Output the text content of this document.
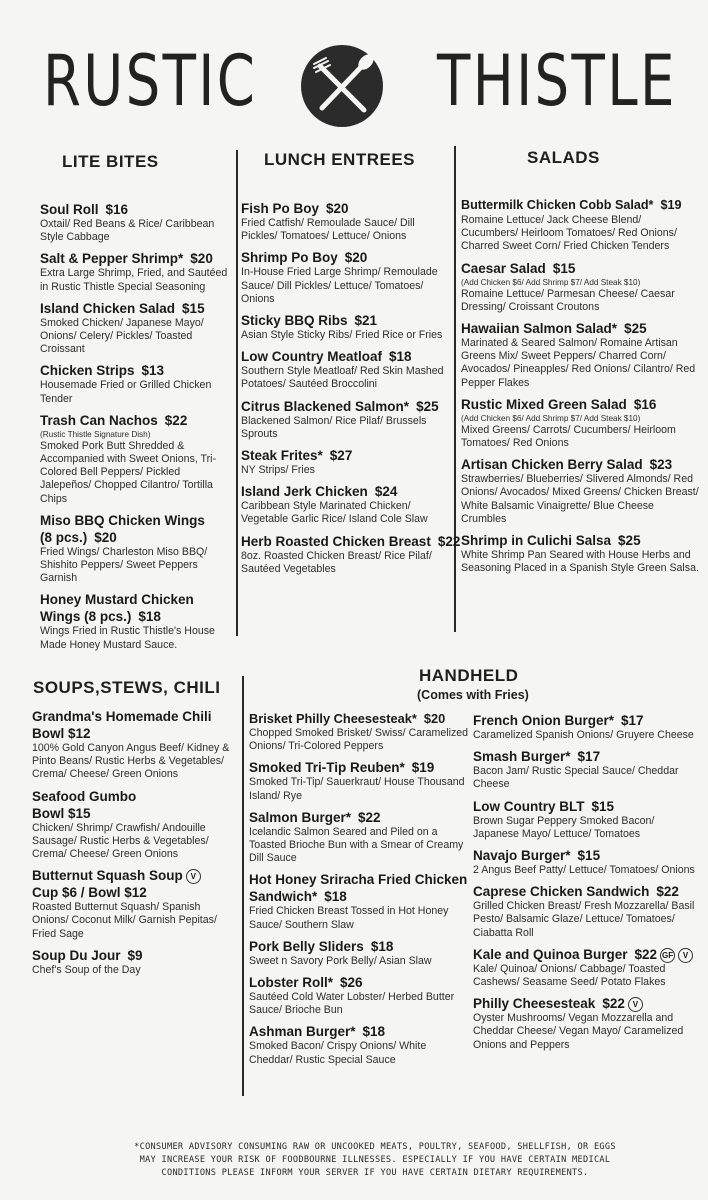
RUSTIC	THISTLE
LITE BITES	LUNCH ENTREES	SALADS
Soul Roll $16
Oxtail/ Red Beans & Rice/ Caribbean Style Cabbage
Salt & Pepper Shrimp* $20
Extra Large Shrimp, Fried, and Sautéed in Rustic Thistle Special Seasoning
Island Chicken Salad $15
Smoked Chicken/ Japanese Mayo/ Onions/ Celery/ Pickles/ Toasted Croissant
Chicken Strips $13
Housemade Fried or Grilled Chicken Tender
Trash Can Nachos $22
(Rustic Thistle Signature Dish)
Smoked Pork Butt Shredded & Accompanied with Sweet Onions, Tri-Colored Bell Peppers/ Pickled Jalepeños/ Chopped Cilantro/ Tortilla Chips
Miso BBQ Chicken Wings
(8 pcs.) $20
Fried Wings/ Charleston Miso BBQ/ Shishito Peppers/ Sweet Peppers Garnish
Honey Mustard Chicken
Wings (8 pcs.) $18
Wings Fried in Rustic Thistle's House Made Honey Mustard Sauce.
Fish Po Boy $20
Fried Catfish/ Remoulade Sauce/ Dill Pickles/ Tomatoes/ Lettuce/ Onions
Shrimp Po Boy $20
In-House Fried Large Shrimp/ Remoulade Sauce/ Dill Pickles/ Lettuce/ Tomatoes/ Onions
Sticky BBQ Ribs $21
Asian Style Sticky Ribs/ Fried Rice or Fries
Low Country Meatloaf $18
Southern Style Meatloaf/ Red Skin Mashed Potatoes/ Sautéed Broccolini
Citrus Blackened Salmon* $25
Blackened Salmon/ Rice Pilaf/ Brussels Sprouts
Steak Frites* $27
NY Strips/ Fries
Island Jerk Chicken $24
Caribbean Style Marinated Chicken/ Vegetable Garlic Rice/ Island Cole Slaw
Herb Roasted Chicken Breast $22
8oz. Roasted Chicken Breast/ Rice Pilaf/ Sautéed Vegetables
Buttermilk Chicken Cobb Salad* $19
Romaine Lettuce/ Jack Cheese Blend/ Cucumbers/ Heirloom Tomatoes/ Red Onions/ Charred Sweet Corn/ Fried Chicken Tenders
Caesar Salad $15
(Add Chicken $6/ Add Shrimp $7/ Add Steak $10)
Romaine Lettuce/ Parmesan Cheese/ Caesar Dressing/ Croissant Croutons
Hawaiian Salmon Salad* $25
Marinated & Seared Salmon/ Romaine Artisan Greens Mix/ Sweet Peppers/ Charred Corn/ Avocados/ Pineapples/ Red Onions/ Cilantro/ Red Pepper Flakes
Rustic Mixed Green Salad $16
(Add Chicken $6/ Add Shrimp $7/ Add Steak $10)
Mixed Greens/ Carrots/ Cucumbers/ Heirloom Tomatoes/ Red Onions
Artisan Chicken Berry Salad $23
Strawberries/ Blueberries/ Slivered Almonds/ Red Onions/ Avocados/ Mixed Greens/ Chicken Breast/ White Balsamic Vinaigrette/ Blue Cheese Crumbles
Shrimp in Culichi Salsa $25
White Shrimp Pan Seared with House Herbs and Seasoning Placed in a Spanish Style Green Salsa.
SOUPS,STEWS, CHILI
HANDHELD
(Comes with Fries)
Grandma's Homemade Chili
Bowl $12
100% Gold Canyon Angus Beef/ Kidney & Pinto Beans/ Rustic Herbs & Vegetables/ Crema/ Cheese/ Green Onions
Seafood Gumbo
Bowl $15
Chicken/ Shrimp/ Crawfish/ Andouille Sausage/ Rustic Herbs & Vegetables/ Crema/ Cheese/ Green Onions
Butternut Squash Soup V
Cup $6 / Bowl $12
Roasted Butternut Squash/ Spanish Onions/ Coconut Milk/ Garnish Pepitas/ Fried Sage
Soup Du Jour $9
Chef's Soup of the Day
Brisket Philly Cheesesteak* $20
Chopped Smoked Brisket/ Swiss/ Caramelized Onions/ Tri-Colored Peppers
Smoked Tri-Tip Reuben* $19
Smoked Tri-Tip/ Sauerkraut/ House Thousand Island/ Rye
Salmon Burger* $22
Icelandic Salmon Seared and Piled on a Toasted Brioche Bun with a Smear of Creamy Dill Sauce
Hot Honey Sriracha Fried Chicken
Sandwich* $18
Fried Chicken Breast Tossed in Hot Honey Sauce/ Southern Slaw
Pork Belly Sliders $18
Sweet n Savory Pork Belly/ Asian Slaw
Lobster Roll* $26
Sautéed Cold Water Lobster/ Herbed Butter Sauce/ Brioche Bun
Ashman Burger* $18
Smoked Bacon/ Crispy Onions/ White Cheddar/ Rustic Special Sauce
French Onion Burger* $17
Caramelized Spanish Onions/ Gruyere Cheese
Smash Burger* $17
Bacon Jam/ Rustic Special Sauce/ Cheddar Cheese
Low Country BLT $15
Brown Sugar Peppery Smoked Bacon/ Japanese Mayo/ Lettuce/ Tomatoes
Navajo Burger* $15
2 Angus Beef Patty/ Lettuce/ Tomatoes/ Onions
Caprese Chicken Sandwich $22
Grilled Chicken Breast/ Fresh Mozzarella/ Basil Pesto/ Balsamic Glaze/ Lettuce/ Tomatoes/ Ciabatta Roll
Kale and Quinoa Burger $22 GF V
Kale/ Quinoa/ Onions/ Cabbage/ Toasted Cashews/ Seasame Seed/ Potato Flakes
Philly Cheesesteak $22 V
Oyster Mushrooms/ Vegan Mozzarella and Cheddar Cheese/ Vegan Mayo/ Caramelized Onions and Peppers
*CONSUMER ADVISORY CONSUMING RAW OR UNCOOKED MEATS, POULTRY, SEAFOOD, SHELLFISH, OR EGGS
MAY INCREASE YOUR RISK OF FOODBOURNE ILLNESSES. ESPECIALLY IF YOU HAVE CERTAIN MEDICAL
CONDITIONS PLEASE INFORM YOUR SERVER IF YOU HAVE CERTAIN DIETARY REQUIREMENTS.
